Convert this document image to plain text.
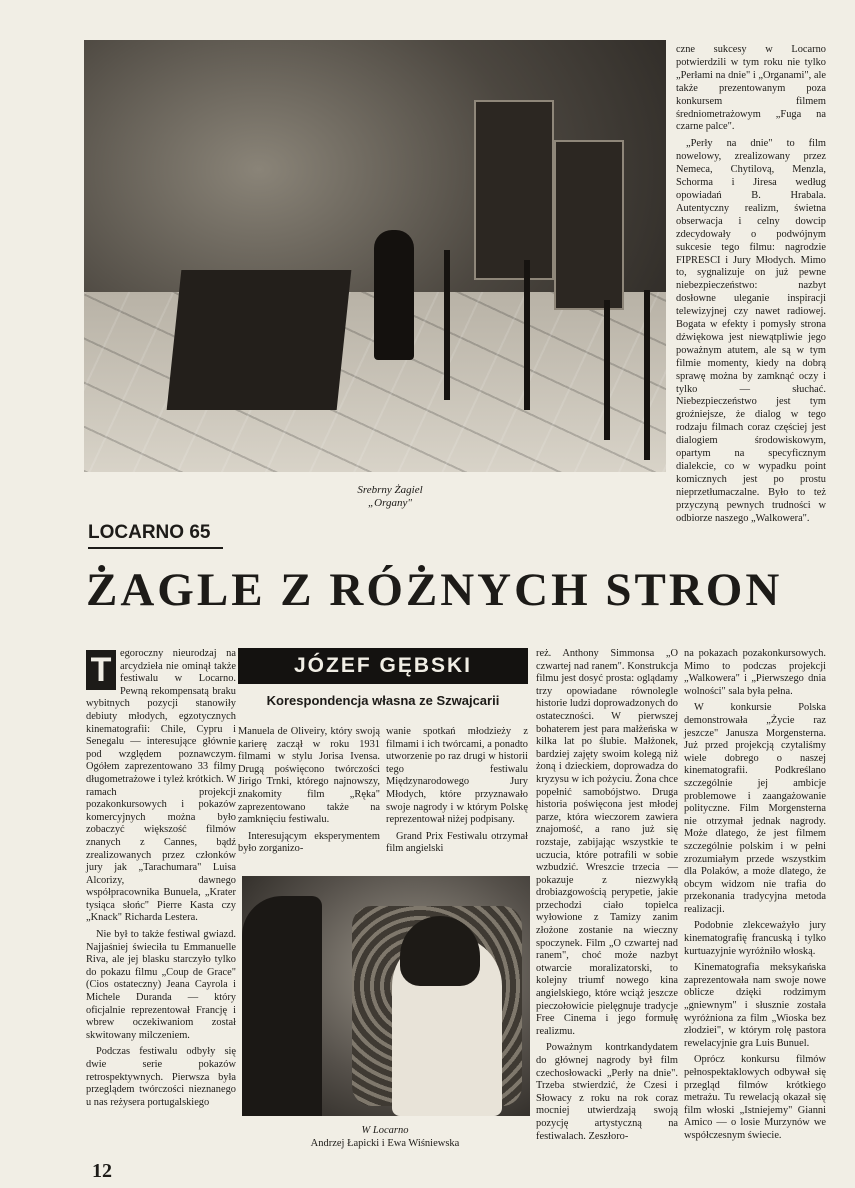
Srebrny Żagiel
„Organy"

czne sukcesy w Locarno potwierdzili w tym roku nie tylko „Perłami na dnie" i „Organami", ale także prezentowanym poza konkursem filmem średniometrażowym „Fuga na czarne palce".

„Perły na dnie" to film nowelowy, zrealizowany przez Nemeca, Chytilovą, Menzla, Schorma i Jiresa według opowiadań B. Hrabala. Autentyczny realizm, świetna obserwacja i celny dowcip zdecydowały o podwójnym sukcesie tego filmu: nagrodzie FIPRESCI i Jury Młodych. Mimo to, sygnalizuje on już pewne niebezpieczeństwo: nazbyt dosłowne uleganie inspiracji telewizyjnej czy nawet radiowej. Bogata w efekty i pomysły strona dźwiękowa jest niewątpliwie jego poważnym atutem, ale są w tym filmie momenty, kiedy na dobrą sprawę można by zamknąć oczy i tylko — słuchać. Niebezpieczeństwo jest tym groźniejsze, że dialog w tego rodzaju filmach coraz częściej jest dialogiem środowiskowym, opartym na specyficznym dialekcie, co w wypadku point komicznych jest po prostu nieprzetłumaczalne. Było to też przyczyną pewnych trudności w odbiorze naszego „Walkowera".

LOCARNO 65
ŻAGLE Z RÓŻNYCH STRON

T egoroczny nieurodzaj na arcydzieła nie ominął także festiwalu w Locarno. Pewną rekompensatą braku wybitnych pozycji stanowiły debiuty młodych, egzotycznych kinematografii: Chile, Cypru i Senegalu — interesujące głównie pod względem poznawczym. Ogółem zaprezentowano 33 filmy długometrażowe i tyleż krótkich. W ramach projekcji pozakonkursowych i pokazów komercyjnych można było zobaczyć większość filmów znanych z Cannes, bądź zrealizowanych przez członków jury jak „Tarachumara" Luisa Alcorizy, dawnego współpracownika Bunuela, „Krater tysiąca słońc" Pierre Kasta czy „Knack" Richarda Lestera.

Nie był to także festiwal gwiazd. Najjaśniej świeciła tu Emmanuelle Riva, ale jej blasku starczyło tylko do pokazu filmu „Coup de Grace" (Cios ostateczny) Jeana Cayrola i Michele Duranda — który oficjalnie reprezentował Francję i wbrew oczekiwaniom został skwitowany milczeniem.

Podczas festiwalu odbyły się dwie serie pokazów retrospektywnych. Pierwsza była przeglądem twórczości nieznanego u nas reżysera portugalskiego

JÓZEF GĘBSKI
Korespondencja własna ze Szwajcarii

Manuela de Oliveiry, który swoją karierę zaczął w roku 1931 filmami w stylu Jorisa Ivensa. Drugą poświęcono twórczości Jirigo Trnki, którego najnowszy, znakomity film „Ręka" zaprezentowano także na zamknięciu festiwalu.

Interesującym eksperymentem było zorganizo-

wanie spotkań młodzieży z filmami i ich twórcami, a ponadto utworzenie po raz drugi w historii tego festiwalu Międzynarodowego Jury Młodych, które przyznawało swoje nagrody i w którym Polskę reprezentował niżej podpisany.

Grand Prix Festiwalu otrzymał film angielski

W Locarno
Andrzej Łapicki i Ewa Wiśniewska

reż. Anthony Simmonsa „O czwartej nad ranem". Konstrukcja filmu jest dosyć prosta: oglądamy trzy opowiadane równolegle historie ludzi doprowadzonych do ostateczności. W pierwszej bohaterem jest para małżeńska w kilka lat po ślubie. Małżonek, bardziej zajęty swoim kolegą niż żoną i dzieckiem, doprowadza do kryzysu w ich pożyciu. Żona chce popełnić samobójstwo. Druga historia poświęcona jest młodej parze, która wieczorem zawiera znajomość, a rano już się rozstaje, zabijając wszystkie te uczucia, które potrafili w sobie wzbudzić. Wreszcie trzecia — pokazuje z niezwykłą drobiazgowością perypetie, jakie przechodzi ciało topielca wyłowione z Tamizy zanim złożone zostanie na wieczny spoczynek. Film „O czwartej nad ranem", choć może nazbyt otwarcie moralizatorski, to kolejny triumf nowego kina angielskiego, które wciąż jeszcze pieczołowicie pielęgnuje tradycje Free Cinema i jego formułę realizmu.

Poważnym kontrkandydatem do głównej nagrody był film czechosłowacki „Perły na dnie". Trzeba stwierdzić, że Czesi i Słowacy z roku na rok coraz mocniej utwierdzają swoją pozycję artystyczną na festiwalach. Zeszłoro-

na pokazach pozakonkursowych. Mimo to podczas projekcji „Walkowera" i „Pierwszego dnia wolności" sala była pełna.

W konkursie Polska demonstrowała „Życie raz jeszcze" Janusza Morgensterna. Już przed projekcją czytaliśmy wiele dobrego o naszej kinematografii. Podkreślano szczególnie jej ambicje problemowe i zaangażowanie polityczne. Film Morgensterna nie otrzymał jednak nagrody. Może dlatego, że jest filmem szczególnie polskim i w pełni zrozumiałym przede wszystkim dla Polaków, a może dlatego, że obcym widzom nie trafia do przekonania tradycyjna metoda realizacji.

Podobnie zlekceważyło jury kinematografię francuską i tylko kurtuazyjnie wyróżniło włoską.

Kinematografia meksykańska zaprezentowała nam swoje nowe oblicze dzięki rodzimym „gniewnym" i słusznie została wyróżniona za film „Wioska bez złodziei", w którym rolę pastora rewelacyjnie gra Luis Bunuel.

Oprócz konkursu filmów pełnospektaklowych odbywał się przegląd filmów krótkiego metrażu. Tu rewelacją okazał się film włoski „Istniejemy" Gianni Amico — o losie Murzynów we współczesnym świecie.

12
